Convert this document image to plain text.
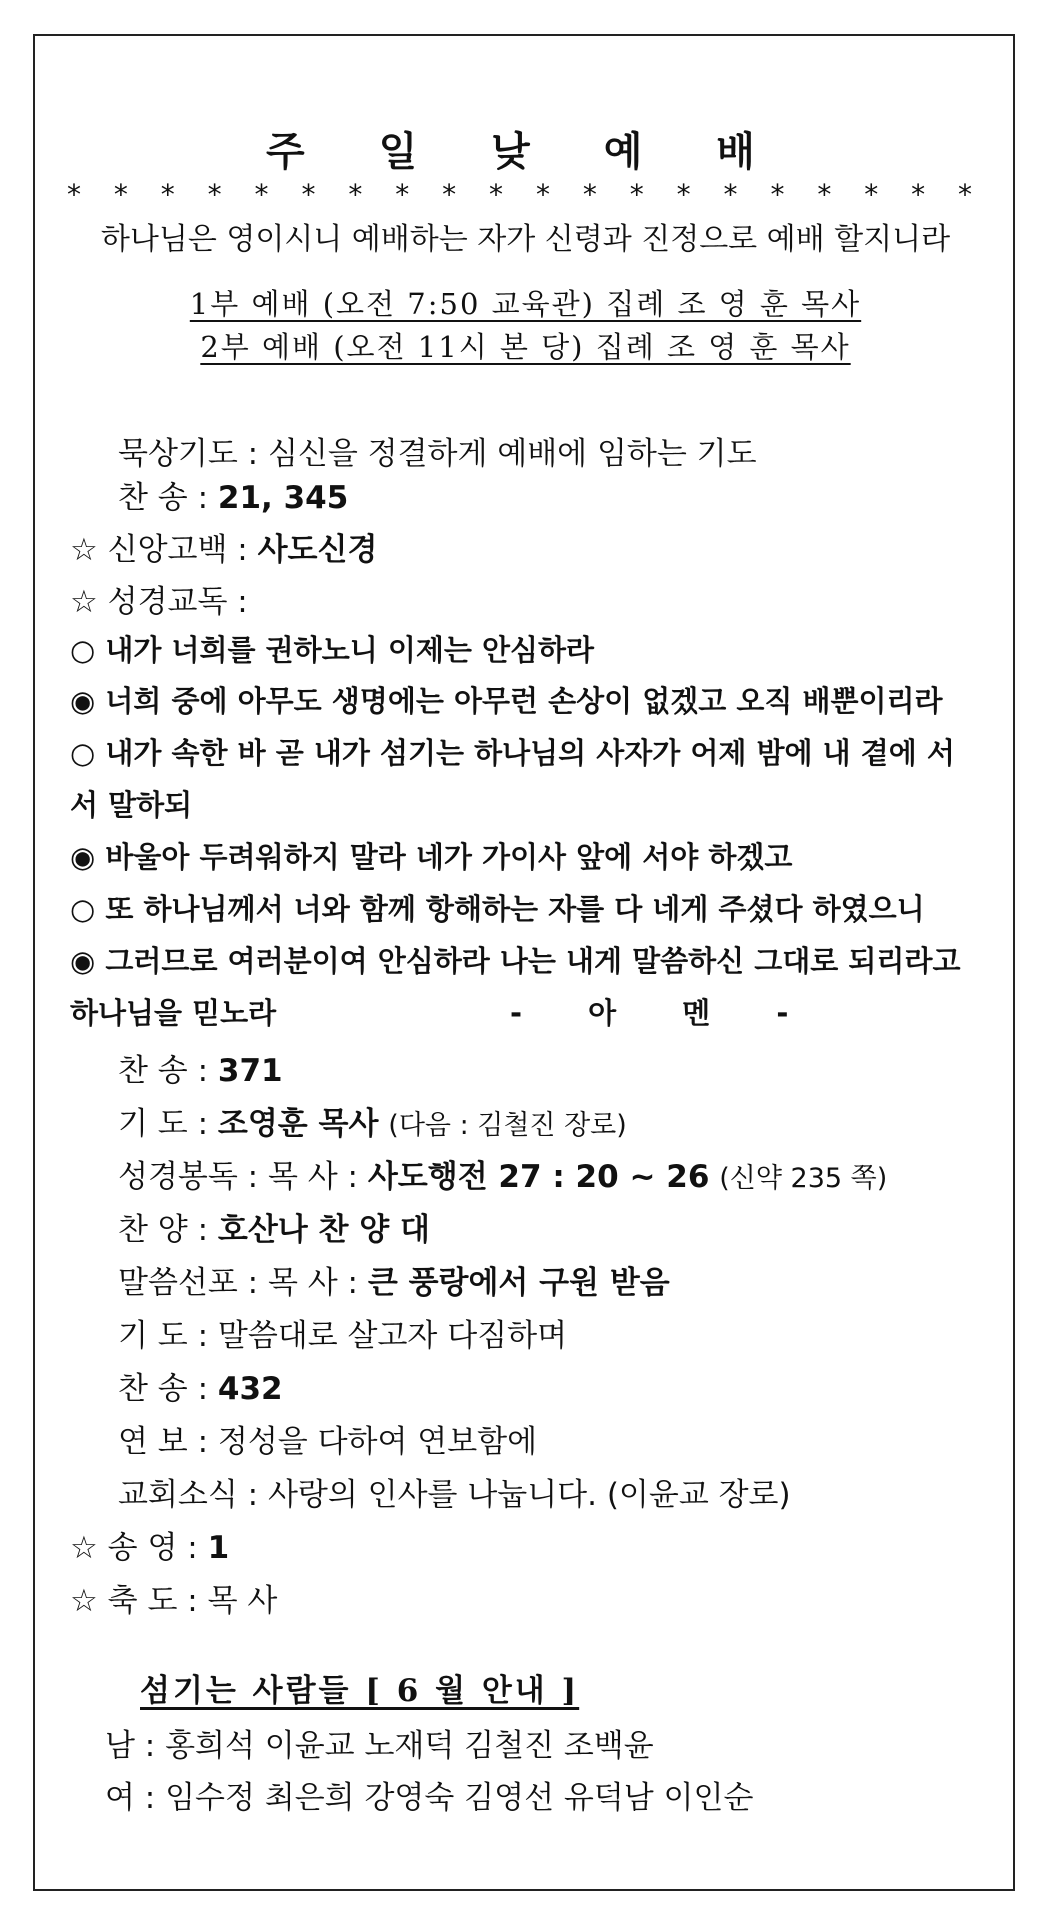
주 일 낮 예 배
* * * * * * * * * * * * * * * * * * * *
하나님은 영이시니 예배하는 자가 신령과 진정으로 예배 할지니라
1부 예배 (오전 7:50 교육관) 집례 조 영 훈 목사
2부 예배 (오전 11시 본 당) 집례 조 영 훈 목사
묵상기도 : 심신을 정결하게 예배에 임하는 기도
찬 송 : 21, 345
☆ 신앙고백 : 사도신경
☆ 성경교독 :
○ 내가 너희를 권하노니 이제는 안심하라
◉ 너희 중에 아무도 생명에는 아무런 손상이 없겠고 오직 배뿐이리라
○ 내가 속한 바 곧 내가 섬기는 하나님의 사자가 어제 밤에 내 곁에 서
서 말하되
◉ 바울아 두려워하지 말라 네가 가이사 앞에 서야 하겠고
○ 또 하나님께서 너와 함께 항해하는 자를 다 네게 주셨다 하였으니
◉ 그러므로 여러분이여 안심하라 나는 내게 말씀하신 그대로 되리라고
하나님을 믿노라	- 아 멘 -
찬 송 : 371
기 도 : 조영훈 목사 (다음 : 김철진 장로)
성경봉독 : 목 사 : 사도행전 27 : 20 ~ 26 (신약 235 쪽)
찬 양 : 호산나 찬 양 대
말씀선포 : 목 사 : 큰 풍랑에서 구원 받음
기 도 : 말씀대로 살고자 다짐하며
찬 송 : 432
연 보 : 정성을 다하여 연보함에
교회소식 : 사랑의 인사를 나눕니다. (이윤교 장로)
☆ 송 영 : 1
☆ 축 도 : 목 사
섬기는 사람들 [ 6 월 안내 ]
남 : 홍희석 이윤교 노재덕 김철진 조백윤
여 : 임수정 최은희 강영숙 김영선 유덕남 이인순
